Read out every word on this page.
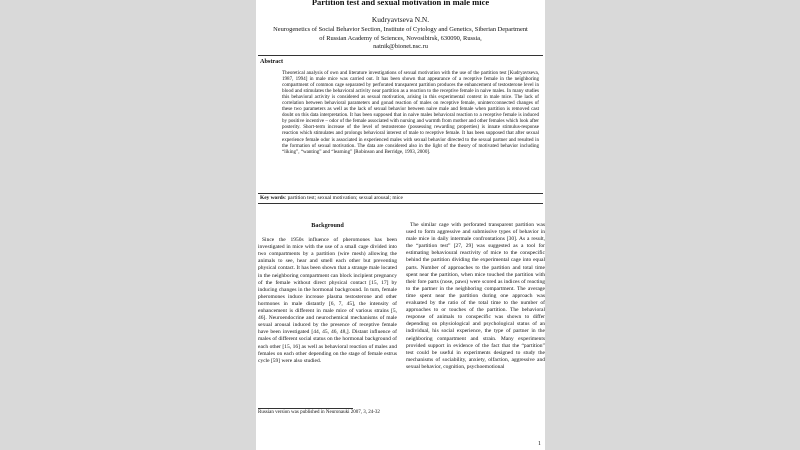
Partition test and sexual motivation in male mice
Kudryavtseva N.N.
Neurogenetics of Social Behavior Section, Institute of Cytology and Genetics, Siberian Department of Russian Academy of Sciences, Novosibirsk, 630090, Russia,
natnik@bionet.nsc.ru
Abstract
Theoretical analysis of own and literature investigations of sexual motivation with the use of the partition test [Kudryavtseva, 1987, 1994] in male mice was carried out. It has been shown that appearance of a receptive female in the neighboring compartment of common cage separated by perforated transparent partition produces the enhancement of testosterone level in blood and stimulates the behavioral activity near partition as a reaction to the receptive female in naive males. In many studies this behavioral activity is considered as sexual motivation, arising in this experimental context in male mice. The lack of correlation between behavioral parameters and gonad reaction of males on receptive female, unintercconnected changes of these two parameters as well as the lack of sexual behavior between naive male and female when partition is removed cast doubt on this data interpretation. It has been supposed that in naive males behavioral reaction to a receptive female is induced by positive incentive – odor of the female associated with nursing and warmth from mother and other females which look after posterity. Short-term increase of the level of testosterone (possessing rewarding properties) is innate stimulus-response reaction which stimulates and prolongs behavioral interest of male to receptive female. It has been supposed that after sexual experience female odor is associated in experienced males with sexual behavior directed to the sexual partner and resulted in the formation of sexual motivation. The data are considered also in the light of the theory of motivated behavior including “liking”, “wanting” and “learning” [Robinson and Berridge, 1993, 2000].
Key words: partition test; sexual motivation; sexual arousal; mice
Background

Since the 1950s influence of pheromones has been investigated in mice with the use of a small cage divided into two compartments by a partition (wire mesh) allowing the animals to see, hear and smell each other but preventing physical contact. It has been shown that a strange male located in the neighboring compartment can block incipient pregnancy of the female without direct physical contact [15, 17] by inducing changes in the hormonal background. In turn, female pheromones induce increase plasma testosterone and other hormones in male distantly [6, 7, 45], the intensity of enhancement is different in male mice of various strains [5, 46]. Neuroendocrine and neurochemical mechanisms of male sexual arousal induced by the presence of receptive female have been investigated [44, 45, 46, 48,]. Distant influence of males of different social status on the hormonal background of each other [15, 16] as well as behavioral reaction of males and females on each other depending on the stage of female estrus cycle [59] were also studied.

The similar cage with perforated transparent partition was used to form aggressive and submissive types of behavior in male mice in daily intermale confrontations [30]. As a result, the “partition test” [27, 29] was suggested as a tool for estimating behavioural reactivity of mice to the conspecific behind the partition dividing the experimental cage into equal parts. Number of approaches to the partition and total time spent near the partition, when mice touched the partition with their fore parts (nose, paws) were scored as indices of reacting to the partner in the neighboring compartment. The average time spent near the partition during one approach was evaluated by the ratio of the total time to the number of approaches to or touches of the partition. The behavioral response of animals to conspecific was shown to differ depending on physiological and psychological status of an individual, his social experience, the type of partner in the neighboring compartment and strain. Many experiments provided support in evidence of the fact that the “partition” test could be useful in experiments designed to study the mechanisms of sociability, anxiety, olfaction, aggressive and sexual behavior, cognition, psychoemotional

Russian version was published in Neuronauki 2007, 3, 24-32
1
